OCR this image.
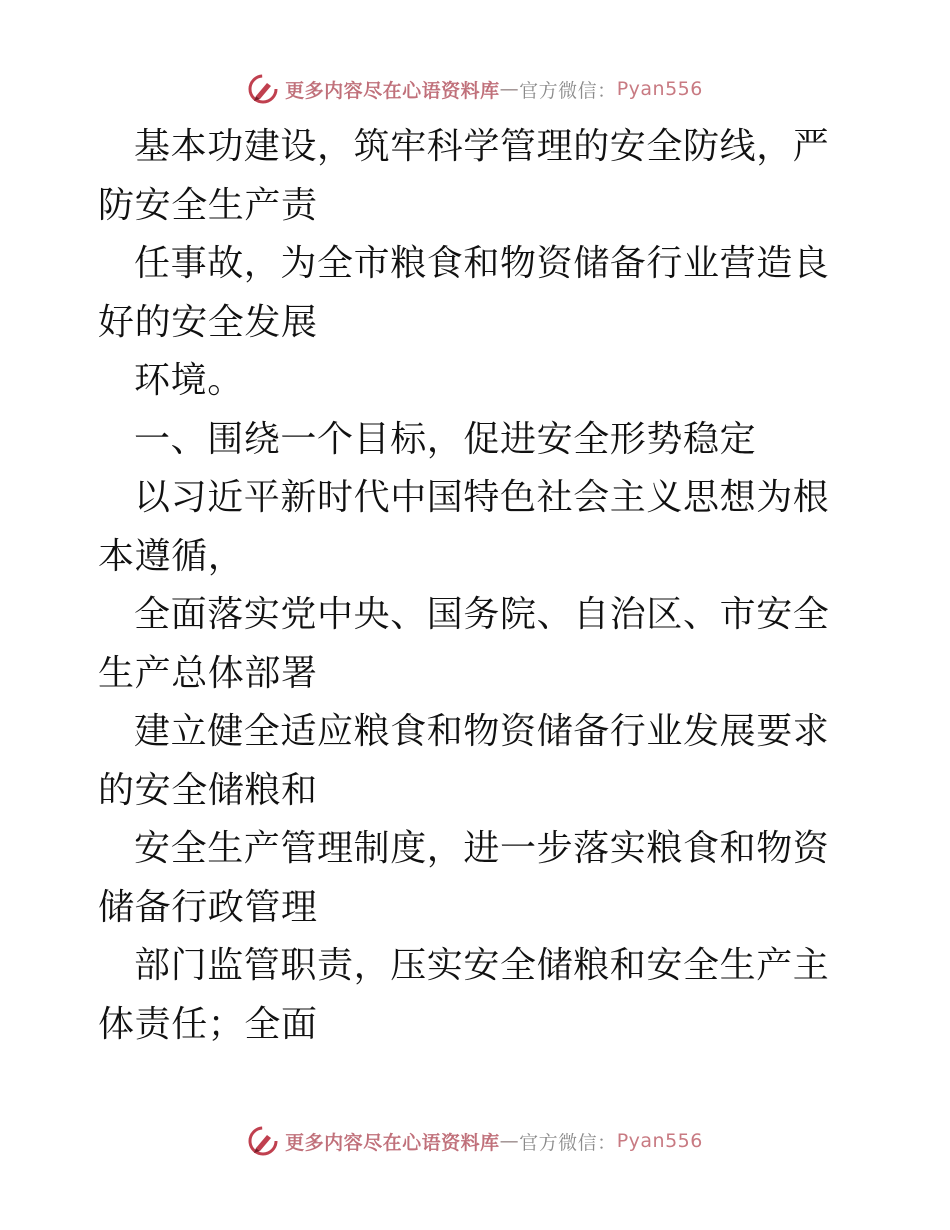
更多内容尽在心语资料库 — 官方微信： Pyan556

基本功建设，筑牢科学管理的安全防线，严防安全生产责

任事故，为全市粮食和物资储备行业营造良好的安全发展

环境。

一、围绕一个目标，促进安全形势稳定

以习近平新时代中国特色社会主义思想为根本遵循，

全面落实党中央、国务院、自治区、市安全生产总体部署

建立健全适应粮食和物资储备行业发展要求的安全储粮和

安全生产管理制度，进一步落实粮食和物资储备行政管理

部门监管职责，压实安全储粮和安全生产主体责任；全面

更多内容尽在心语资料库 — 官方微信： Pyan556
